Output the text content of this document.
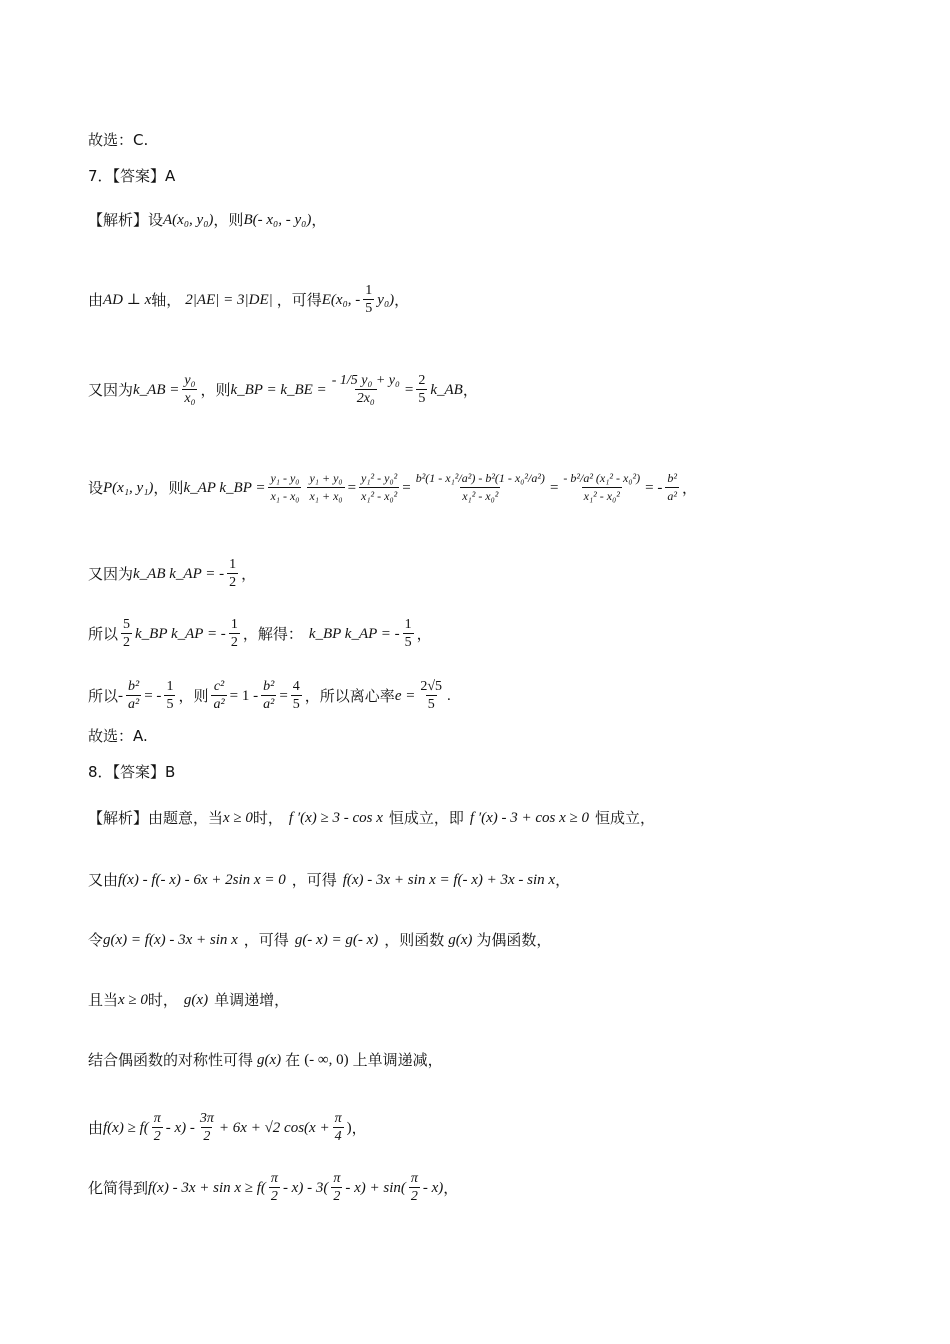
故选：C.
7．【答案】A
【解析】设 A(x₀, y₀) ，则 B(- x₀, - y₀) ，
由 AD ⊥ x 轴， 2|AE| = 3|DE| ，可得 E(x₀, - $\frac{1}{5} y_0$) ，
又因为 k_AB = $\frac{\text{y₀}}{\text{x₀}}$ ，则 k_BP = k_BE = $\frac{\text{- 1/5 y₀ + y₀}}{\text{2x₀}} = \frac{2}{5}$ k_AB ，
设 P(x₁, y₁) ，则 k_AP k_BP = $\frac{\text{y₁ - y₀}}{\text{x₁ - x₀}} \frac{\text{y₁ + y₀}}{\text{x₁ + x₀}} = \frac{\text{y₁² - y₀²}}{\text{x₁² - x₀²}} = \frac{\text{b²(1 - x₁²/a²) - b²(1 - x₀²/a²)}}{\text{x₁² - x₀²}} = \frac{\text{- b²/a² (x₁² - x₀²)}}{\text{x₁² - x₀²}}$ = - $\frac{\text{b²}}{\text{a²}}$ ，
又因为 k_AB k_AP = - $\frac{1}{2}$ ，
所以 $\frac{5}{2}$ k_BP k_AP = - $\frac{1}{2}$ ，解得： k_BP k_AP = - $\frac{1}{5}$ ，
所以 - $\frac{\text{b²}}{\text{a²}}$ = - $\frac{1}{5}$ ，则 $\frac{\text{c²}}{\text{a²}} = 1 - \frac{\text{b²}}{\text{a²}} = \frac{4}{5}$ ，所以离心率 $e = \frac{2√5}{5}$ .
故选：A.
8．【答案】B
【解析】由题意，当 x ≥ 0 时， f ′(x) ≥ 3 - cos x 恒成立，即 f ′(x) - 3 + cos x ≥ 0 恒成立，
又由 f(x) - f(- x) - 6x + 2sin x = 0 ，可得 f(x) - 3x + sin x = f(- x) + 3x - sin x ，
令 g(x) = f(x) - 3x + sin x ，可得 g(- x) = g(- x) ，则函数 g(x) 为偶函数，
且当 x ≥ 0 时， g(x) 单调递增，
结合偶函数的对称性可得 g(x) 在 (- ∞, 0) 上单调递减，
由 $f(x) \ge f( \frac{\pi}{2} - x) - \frac{3\pi}{2} + 6x + √2$ $\cos(x + \frac{\pi}{4}$ ) ，
化简得到 $f(x) - 3x + \sin x \ge f( \frac{\pi}{2} - x) - 3( \frac{\pi}{2} - x) + \sin( \frac{\pi}{2} - x)$ ，
